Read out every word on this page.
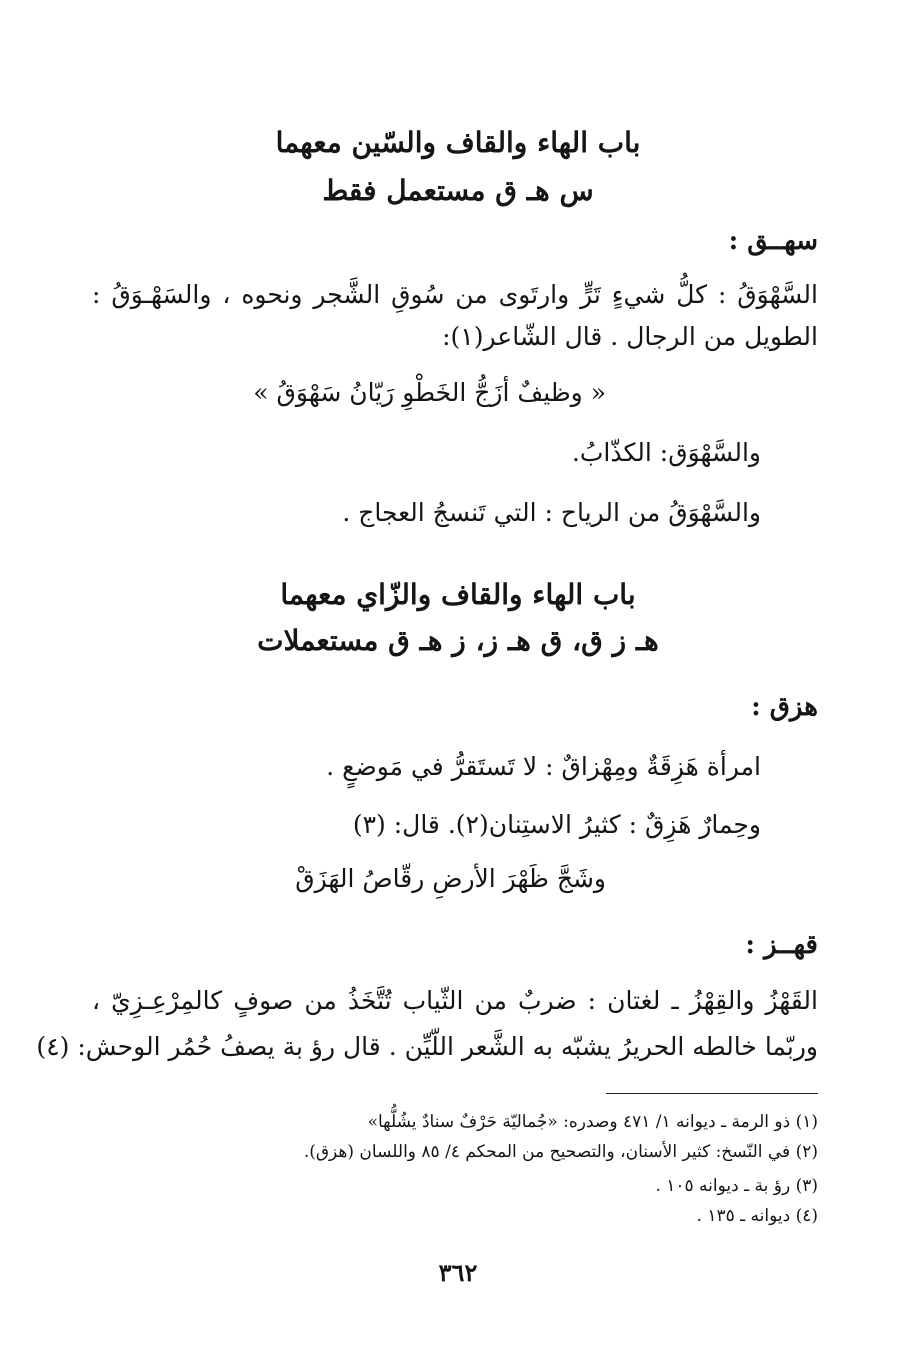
باب الهاء والقاف والسّين معهما
س هـ ق مستعمل فقط
سهــق :
السَّهْوَقُ : كلُّ شيءٍ تَرٍّ وارتَوى من سُوقِ الشَّجر ونحوه ، والسَهْـوَقُ :
الطويل من الرجال . قال الشّاعر(١):
« وظيفٌ أزَجُّ الخَطْوِ رَيّانُ سَهْوَقُ »
والسَّهْوَق: الكذّابُ.
والسَّهْوَقُ من الرياح : التي تَنسجُ العجاج .
باب الهاء والقاف والزّاي معهما
هـ ز ق، ق هـ ز، ز هـ ق مستعملات
هزق :
امرأة هَزِقَةٌ ومِهْزاقٌ : لا تَستَقرُّ في مَوضعٍ .
وحِمارٌ هَزِقٌ : كثيرُ الاستِنان(٢). قال: (٣)
وشَجَّ ظَهْرَ الأرضِ رقّاصُ الهَزَقْ
قهــز :
القَهْزُ والقِهْزُ ـ لغتان : ضربٌ من الثّياب تُتَّخَذُ من صوفٍ كالمِرْعِـزِيّ ،
وربّما خالطه الحريرُ يشبّه به الشَّعر اللّيِّن . قال رؤ بة يصفُ حُمُر الوحش: (٤)
(١) ذو الرمة ـ ديوانه ١/ ٤٧١ وصدره: «جُماليّة حَرْفٌ سنادٌ يشُلُّها»
(٢) في النّسخ: كثير الأسنان، والتصحيح من المحكم ٤/ ٨٥ واللسان (هزق).
(٣) رؤ بة ـ ديوانه ١٠٥ .
(٤) ديوانه ـ ١٣٥ .
٣٦٢
